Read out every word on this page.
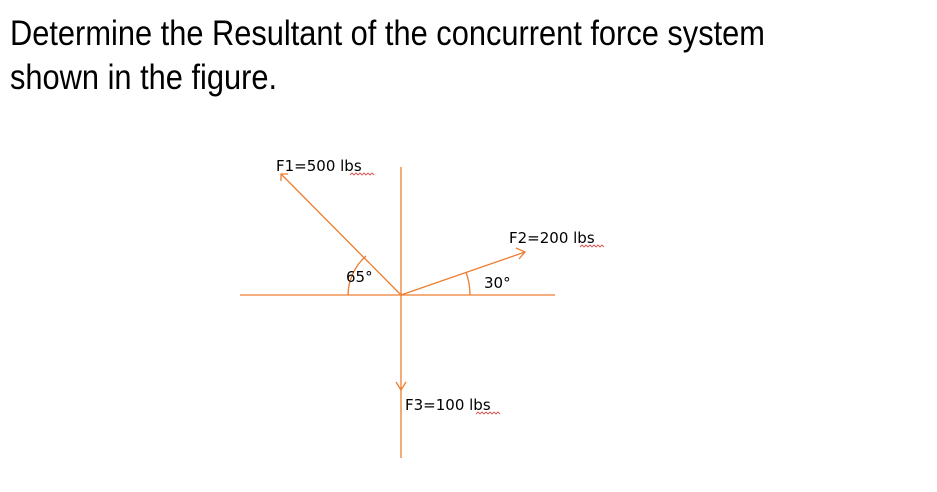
Determine the Resultant of the concurrent force system shown in the figure.
F1=500 lbs
F2=200 lbs
F3=100 lbs
65°	30°
